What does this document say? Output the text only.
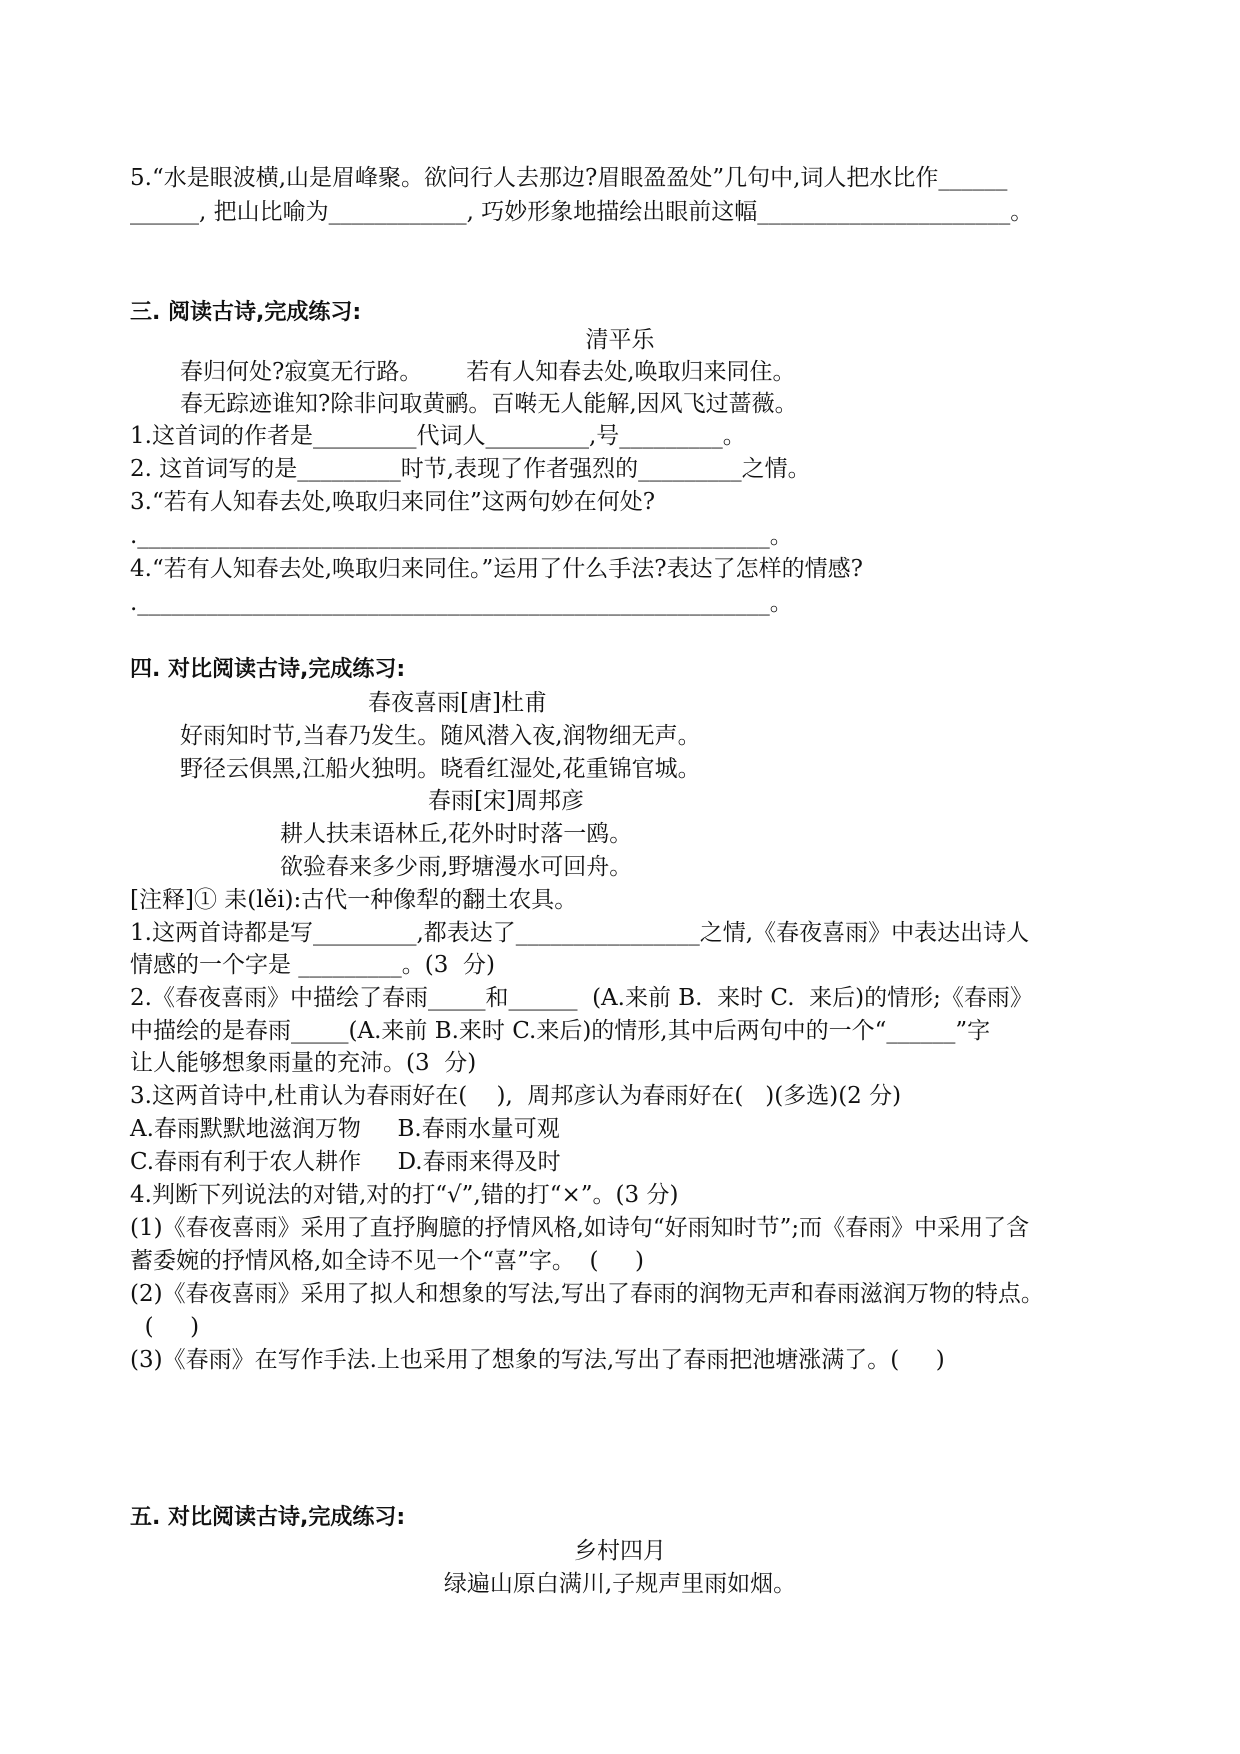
5.“水是眼波横,山是眉峰聚。欲问行人去那边?眉眼盈盈处”几句中,词人把水比作______
______, 把山比喻为____________, 巧妙形象地描绘出眼前这幅______________________。
三. 阅读古诗,完成练习:
清平乐
春归何处?寂寞无行路。      若有人知春去处,唤取归来同住。
春无踪迹谁知?除非问取黄鹂。百啭无人能解,因风飞过蔷薇。
1.这首词的作者是_________代词人_________,号_________。
2. 这首词写的是_________时节,表现了作者强烈的_________之情。
3.“若有人知春去处,唤取归来同住”这两句妙在何处?
._______________________________________________________。
4.“若有人知春去处,唤取归来同住。”运用了什么手法?表达了怎样的情感?
._______________________________________________________。
四. 对比阅读古诗,完成练习:
春夜喜雨[唐]杜甫
好雨知时节,当春乃发生。随风潜入夜,润物细无声。
野径云俱黑,江船火独明。晓看红湿处,花重锦官城。
春雨[宋]周邦彦
耕人扶耒语林丘,花外时时落一鸥。
欲验春来多少雨,野塘漫水可回舟。
[注释]① 耒(lěi):古代一种像犁的翻土农具。
1.这两首诗都是写_________,都表达了________________之情,《春夜喜雨》中表达出诗人
情感的一个字是 _________。(3  分)
2.《春夜喜雨》中描绘了春雨_____和______  (A.来前 B.  来时 C.  来后)的情形;《春雨》
中描绘的是春雨_____(A.来前 B.来时 C.来后)的情形,其中后两句中的一个“______”字
让人能够想象雨量的充沛。(3  分)
3.这两首诗中,杜甫认为春雨好在(    ),  周邦彦认为春雨好在(   )(多选)(2 分)
A.春雨默默地滋润万物     B.春雨水量可观
C.春雨有利于农人耕作     D.春雨来得及时
4.判断下列说法的对错,对的打“√”,错的打“×”。(3 分)
(1)《春夜喜雨》采用了直抒胸臆的抒情风格,如诗句“好雨知时节”;而《春雨》中采用了含
蓄委婉的抒情风格,如全诗不见一个“喜”字。  (     )
(2)《春夜喜雨》采用了拟人和想象的写法,写出了春雨的润物无声和春雨滋润万物的特点。
(     )
(3)《春雨》在写作手法.上也采用了想象的写法,写出了春雨把池塘涨满了。(     )
五. 对比阅读古诗,完成练习:
乡村四月
绿遍山原白满川,子规声里雨如烟。
